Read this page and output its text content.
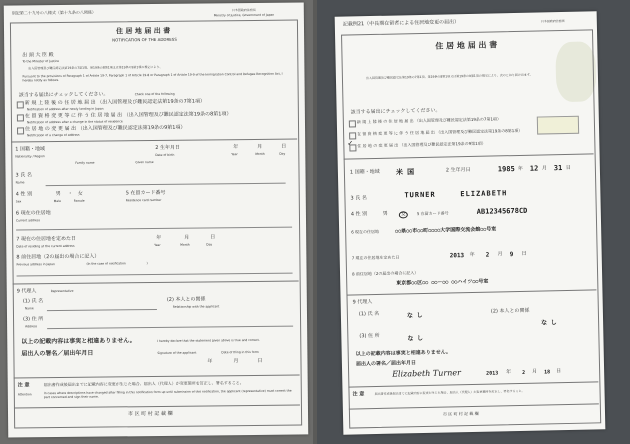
別記第二十九号の八様式（第十九条の八関係）	日本国政府法務省
Ministry of Justice, Government of Japan
住 居 地 届 出 書
NOTIFICATION OF THE ADDRESS
出 頭 大 臣 殿
To the Minister of Justice
出入国管理及び難民認定法第19条の7第1項、第19条の8第1項又は第19条の9第1項の規定により、
Pursuant to the provisions of Paragraph 1 of Article 19-7, Paragraph 1 of Article 19-8 or Paragraph 1 of Article 19-9 of the Immigration Control and Refugee Recognition Act, I hereby notify as follows.
該当する届出にチェックしてください。	Check one of the following
新 規 上 陸 後 の 住 居 地 届 出 （出入国管理及び難民認定法第19条の7第1項）
Notification of address after newly landing in Japan
在 留 資 格 変 更 等 に 伴 う 住 居 地 届 出 （出入国管理及び難民認定法第19条の8第1項）
Notification of address after a change in the status of residence
住 居 地 の 変 更 届 出 （出入国管理及び難民認定法第19条の9第1項）
Notification of a change of address
1 国籍・地域
Nationality / Region
2 生年月日
Date of birth
年	月	日
Year	Month	Day
Family name	Given name
3 氏 名
Name
4 性 別	男 ・ 女
Sex	Male	Female
5 在留カード番号
Residence card number
6 現在の住居地
Current address
7 現在の住居地を定めた日
Date of residing at the current address
年	月	日
Year	Month	Day
8 前住居地（2の届出の場合に記入）
Previous address in Japan	(In the case of notification	)
9 代理人	Representative
(1) 氏 名
Name
(2) 本人との関係
Relationship with the applicant
(3) 住 所
Address
以上の記載内容は事実と相違ありません。	I hereby declare that the statement given above is true and correct.
届出人の署名／届出年月日	Signature of the applicant	Date of filing in this form
年	月	日
注 意	届出書作成後届出までに記載内容に変更が生じた場合、届出人（代理人）が変更箇所を訂正し、署名すること。
Attention	In cases where descriptions have changed after filling in this notification form up until submission of this notification, the applicant (representative) must correct the part concerned and sign their name.
市 区 町 村 記 載 欄
記載例21（中長期在留者による住居地変更の届出）	日本国政府法務省
住 居 地 届 出 書
出入国管理及び難民認定法第19条の7第1項、第19条の8第1項又は第19条の9第1項の規定により、次のとおり届け出ます。
該当する届出にチェックしてください。
新 規 上 陸 後 の 住 居 地 届 出 （出入国管理及び難民認定法第19条の7第1項）
在 留 資 格 変 更 等 に 伴 う 住 居 地 届 出 （出入国管理及び難民認定法第19条の8第1項）
✓ 住 居 地 の 変 更 届 出 （出入国管理及び難民認定法第19条の9第1項）
1 国籍・地域 米 国	2 生年月日	1985 年 12 月 31 日
3 氏 名	TURNER	ELIZABETH
4 性 別	男	女	5 在留カード番号	AB12345678CD
6 現在の住居地	○○県○○市○○町○○○○大学国際交流会館○○号室
7 現在の住居地を定めた日	2013 年 2 月 9 日
8 前住居地（2の届出の場合に記入）
東京都○○区○○ ○○－○○ ○○ハイツ○○号室
9 代理人
(1) 氏 名	な し
(2) 本人との関係
な し
(3) 住 所	な し
以上の記載内容は事実と相違ありません。
届出人の署名／届出年月日
Elizabeth Turner	2013 年 2 月 18 日
注 意	届出書作成後届出までに記載内容に変更が生じた場合、届出人（代理人）が変更箇所を訂正し、署名すること。
市 区 町 村 記 載 欄
